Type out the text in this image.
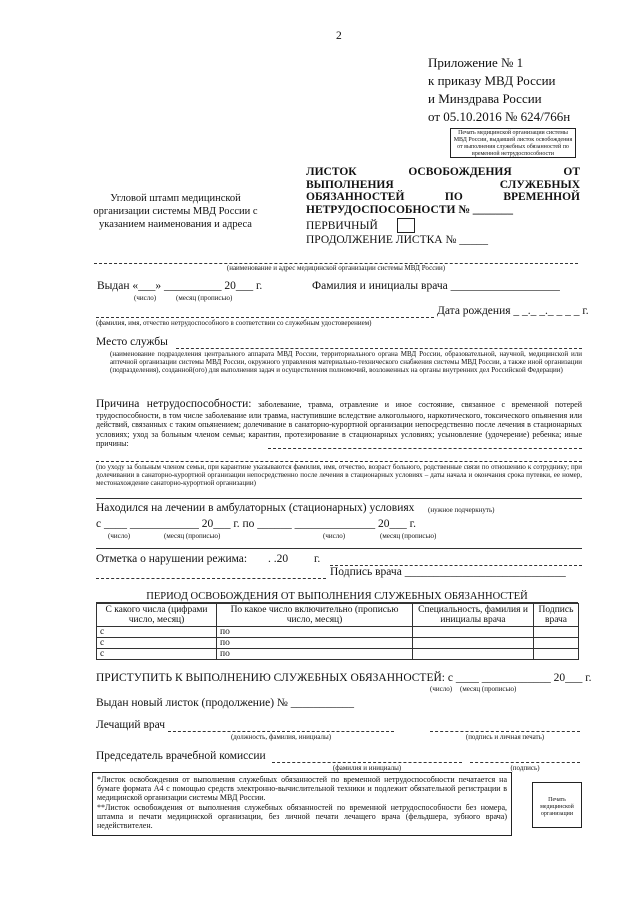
2
Приложение № 1
к приказу МВД России
и Минздрава России
от 05.10.2016 № 624/766н
Печать медицинской организации системы МВД России, выдавшей листок освобождения от выполнения служебных обязанностей по временной нетрудоспособности
Угловой штамп медицинской организации системы МВД России с указанием наименования и адреса
ЛИСТОК ОСВОБОЖДЕНИЯ ОТ
ВЫПОЛНЕНИЯ СЛУЖЕБНЫХ
ОБЯЗАННОСТЕЙ ПО ВРЕМЕННОЙ
НЕТРУДОСПОСОБНОСТИ № _______
ПЕРВИЧНЫЙ
ПРОДОЛЖЕНИЕ ЛИСТКА № _____
(наименование и адрес медицинской организации системы МВД России)
Выдан «___» __________ 20___ г.	Фамилия и инициалы врача ___________________
(число)	(месяц (прописью)
Дата рождения _ _._ _._ _ _ _ г.
(фамилия, имя, отчество нетрудоспособного в соответствии со служебным удостоверением)
Место службы
(наименование подразделения центрального аппарата МВД России, территориального органа МВД России, образовательной, научной, медицинской или аптечной организации системы МВД России, окружного управления материально-технического снабжения системы МВД России, а также иной организации (подразделения), созданной(ого) для выполнения задач и осуществления полномочий, возложенных на органы внутренних дел Российской Федерации)
Причина нетрудоспособности: заболевание, травма, отравление и иное состояние, связанное с временной потерей трудоспособности, в том числе заболевание или травма, наступившие вследствие алкогольного, наркотического, токсического опьянения или действий, связанных с таким опьянением; долечивание в санаторно-курортной организации непосредственно после лечения в стационарных условиях; уход за больным членом семьи; карантин, протезирование в стационарных условиях; усыновление (удочерение) ребенка; иные причины:
(по уходу за больным членом семьи, при карантине указываются фамилия, имя, отчество, возраст больного, родственные связи по отношению к сотруднику; при долечивании в санаторно-курортной организации непосредственно после лечения в стационарных условиях – даты начала и окончания срока путевки, ее номер, местонахождение санаторно-курортной организации)
Находился на лечении в амбулаторных (стационарных) условиях (нужное подчеркнуть)
с ____ ____________ 20___ г. по ______ ______________ 20___ г.
(число)	(месяц (прописью)	(число)	(месяц (прописью)
Отметка о нарушении режима: . .20 г.
Подпись врача ____________________________
ПЕРИОД ОСВОБОЖДЕНИЯ ОТ ВЫПОЛНЕНИЯ СЛУЖЕБНЫХ ОБЯЗАННОСТЕЙ
С какого числа (цифрами число, месяц)	По какое число включительно (прописью число, месяц)	Специальность, фамилия и инициалы врача	Подпись врача
с	по		
с	по		
с	по		
ПРИСТУПИТЬ К ВЫПОЛНЕНИЮ СЛУЖЕБНЫХ ОБЯЗАННОСТЕЙ: с ____ ____________ 20___ г.
(число) (месяц (прописью)
Выдан новый листок (продолжение) № ___________
Лечащий врач
(должность, фамилия, инициалы)	(подпись и личная печать)
Председатель врачебной комиссии
(фамилия и инициалы)	(подпись)
*Листок освобождения от выполнения служебных обязанностей по временной нетрудоспособности печатается на бумаге формата А4 с помощью средств электронно-вычислительной техники и подлежит обязательной регистрации в медицинской организации системы МВД России.
**Листок освобождения от выполнения служебных обязанностей по временной нетрудоспособности без номера, штампа и печати медицинской организации, без личной печати лечащего врача (фельдшера, зубного врача) недействителен.
Печать медицинской организации
